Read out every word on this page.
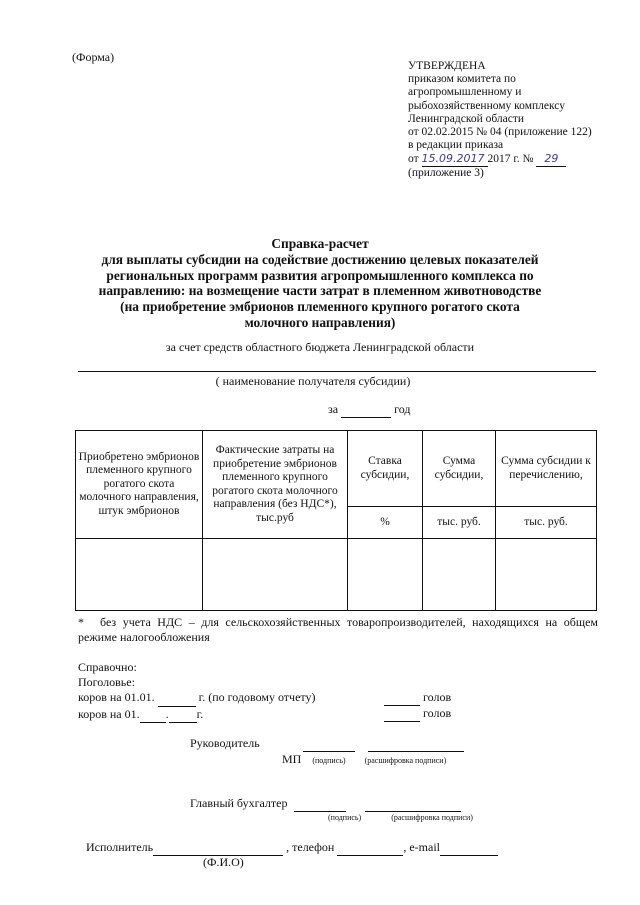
(Форма)
УТВЕРЖДЕНА
приказом комитета по
агропромышленному и
рыбохозяйственному комплексу
Ленинградской области
от 02.02.2015 № 04 (приложение 122)
в редакции приказа
от 15.09.2017 2017 г. № 29
(приложение 3)
Справка-расчет
для выплаты субсидии на содействие достижению целевых показателей
региональных программ развития агропромышленного комплекса по
направлению: на возмещение части затрат в племенном животноводстве
(на приобретение эмбрионов племенного крупного рогатого скота
молочного направления)
за счет средств областного бюджета Ленинградской области
( наименование получателя субсидии)
за	год
Приобретено эмбрионов племенного крупного рогатого скота молочного направления, штук эмбрионов	Фактические затраты на приобретение эмбрионов племенного крупного рогатого скота молочного направления (без НДС*), тыс.руб	Ставка субсидии,	Сумма субсидии,	Сумма субсидии к перечислению,
		%	тыс. руб.	тыс. руб.

* без учета НДС – для сельскохозяйственных товаропроизводителей, находящихся на общем режиме налогообложения
Справочно:
Поголовье:
коров на 01.01.	г. (по годовому отчету)
коров на 01. . г.
голов
голов
Руководитель
МП (подпись) (расшифровка подписи)
Главный бухгалтер
(подпись)	(расшифровка подписи)
Исполнитель	, телефон	, e-mail
(Ф.И.О)
